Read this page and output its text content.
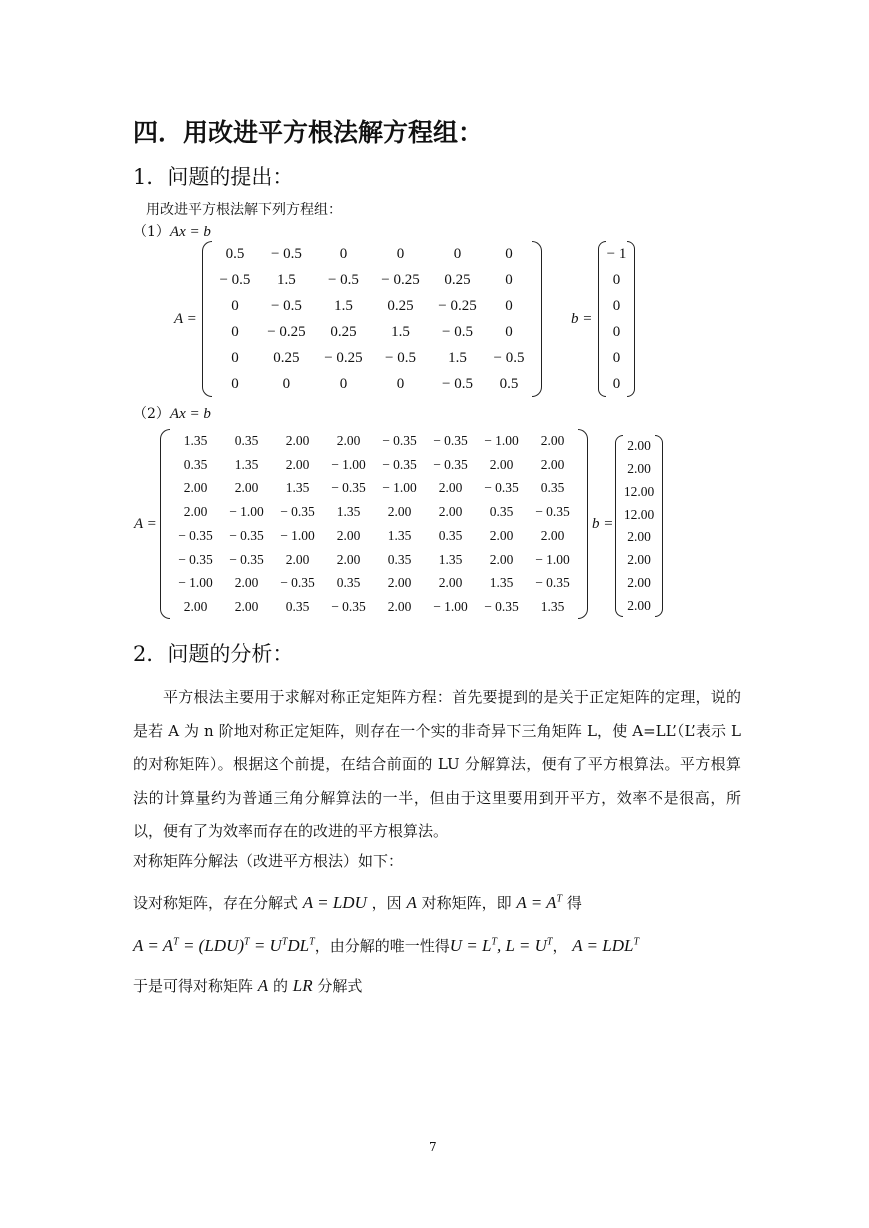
四．用改进平方根法解方程组：
1．问题的提出：
用改进平方根法解下列方程组：
（1）Ax = b
A =
0.5	− 0.5	0	0	0	0
− 0.5	1.5	− 0.5	− 0.25	0.25	0
0	− 0.5	1.5	0.25	− 0.25	0
0	− 0.25	0.25	1.5	− 0.5	0
0	0.25	− 0.25	− 0.5	1.5	− 0.5
0	0	0	0	− 0.5	0.5
b =
− 1
0
0
0
0
0
（2）Ax = b
A =
1.35	0.35	2.00	2.00	− 0.35	− 0.35	− 1.00	2.00
0.35	1.35	2.00	− 1.00	− 0.35	− 0.35	2.00	2.00
2.00	2.00	1.35	− 0.35	− 1.00	2.00	− 0.35	0.35
2.00	− 1.00	− 0.35	1.35	2.00	2.00	0.35	− 0.35
− 0.35	− 0.35	− 1.00	2.00	1.35	0.35	2.00	2.00
− 0.35	− 0.35	2.00	2.00	0.35	1.35	2.00	− 1.00
− 1.00	2.00	− 0.35	0.35	2.00	2.00	1.35	− 0.35
2.00	2.00	0.35	− 0.35	2.00	− 1.00	− 0.35	1.35
b =
2.00
2.00
12.00
12.00
2.00
2.00
2.00
2.00
2．问题的分析：
平方根法主要用于求解对称正定矩阵方程：首先要提到的是关于正定矩阵的定理，说的是若 A 为 n 阶地对称正定矩阵，则存在一个实的非奇异下三角矩阵 L，使 A=LL’（L’表示 L 的对称矩阵）。根据这个前提，在结合前面的 LU 分解算法，便有了平方根算法。平方根算法的计算量约为普通三角分解算法的一半，但由于这里要用到开平方，效率不是很高，所以，便有了为效率而存在的改进的平方根算法。
对称矩阵分解法（改进平方根法）如下：
设对称矩阵，存在分解式 A = LDU ，因 A 对称矩阵，即 $A = A^T$ 得
$A = A^T = (LDU)^T = U^TDL^T$，由分解的唯一性得$U = L^T$, $L = U^T$， $A = LDL^T$
于是可得对称矩阵 A 的 LR 分解式
7
